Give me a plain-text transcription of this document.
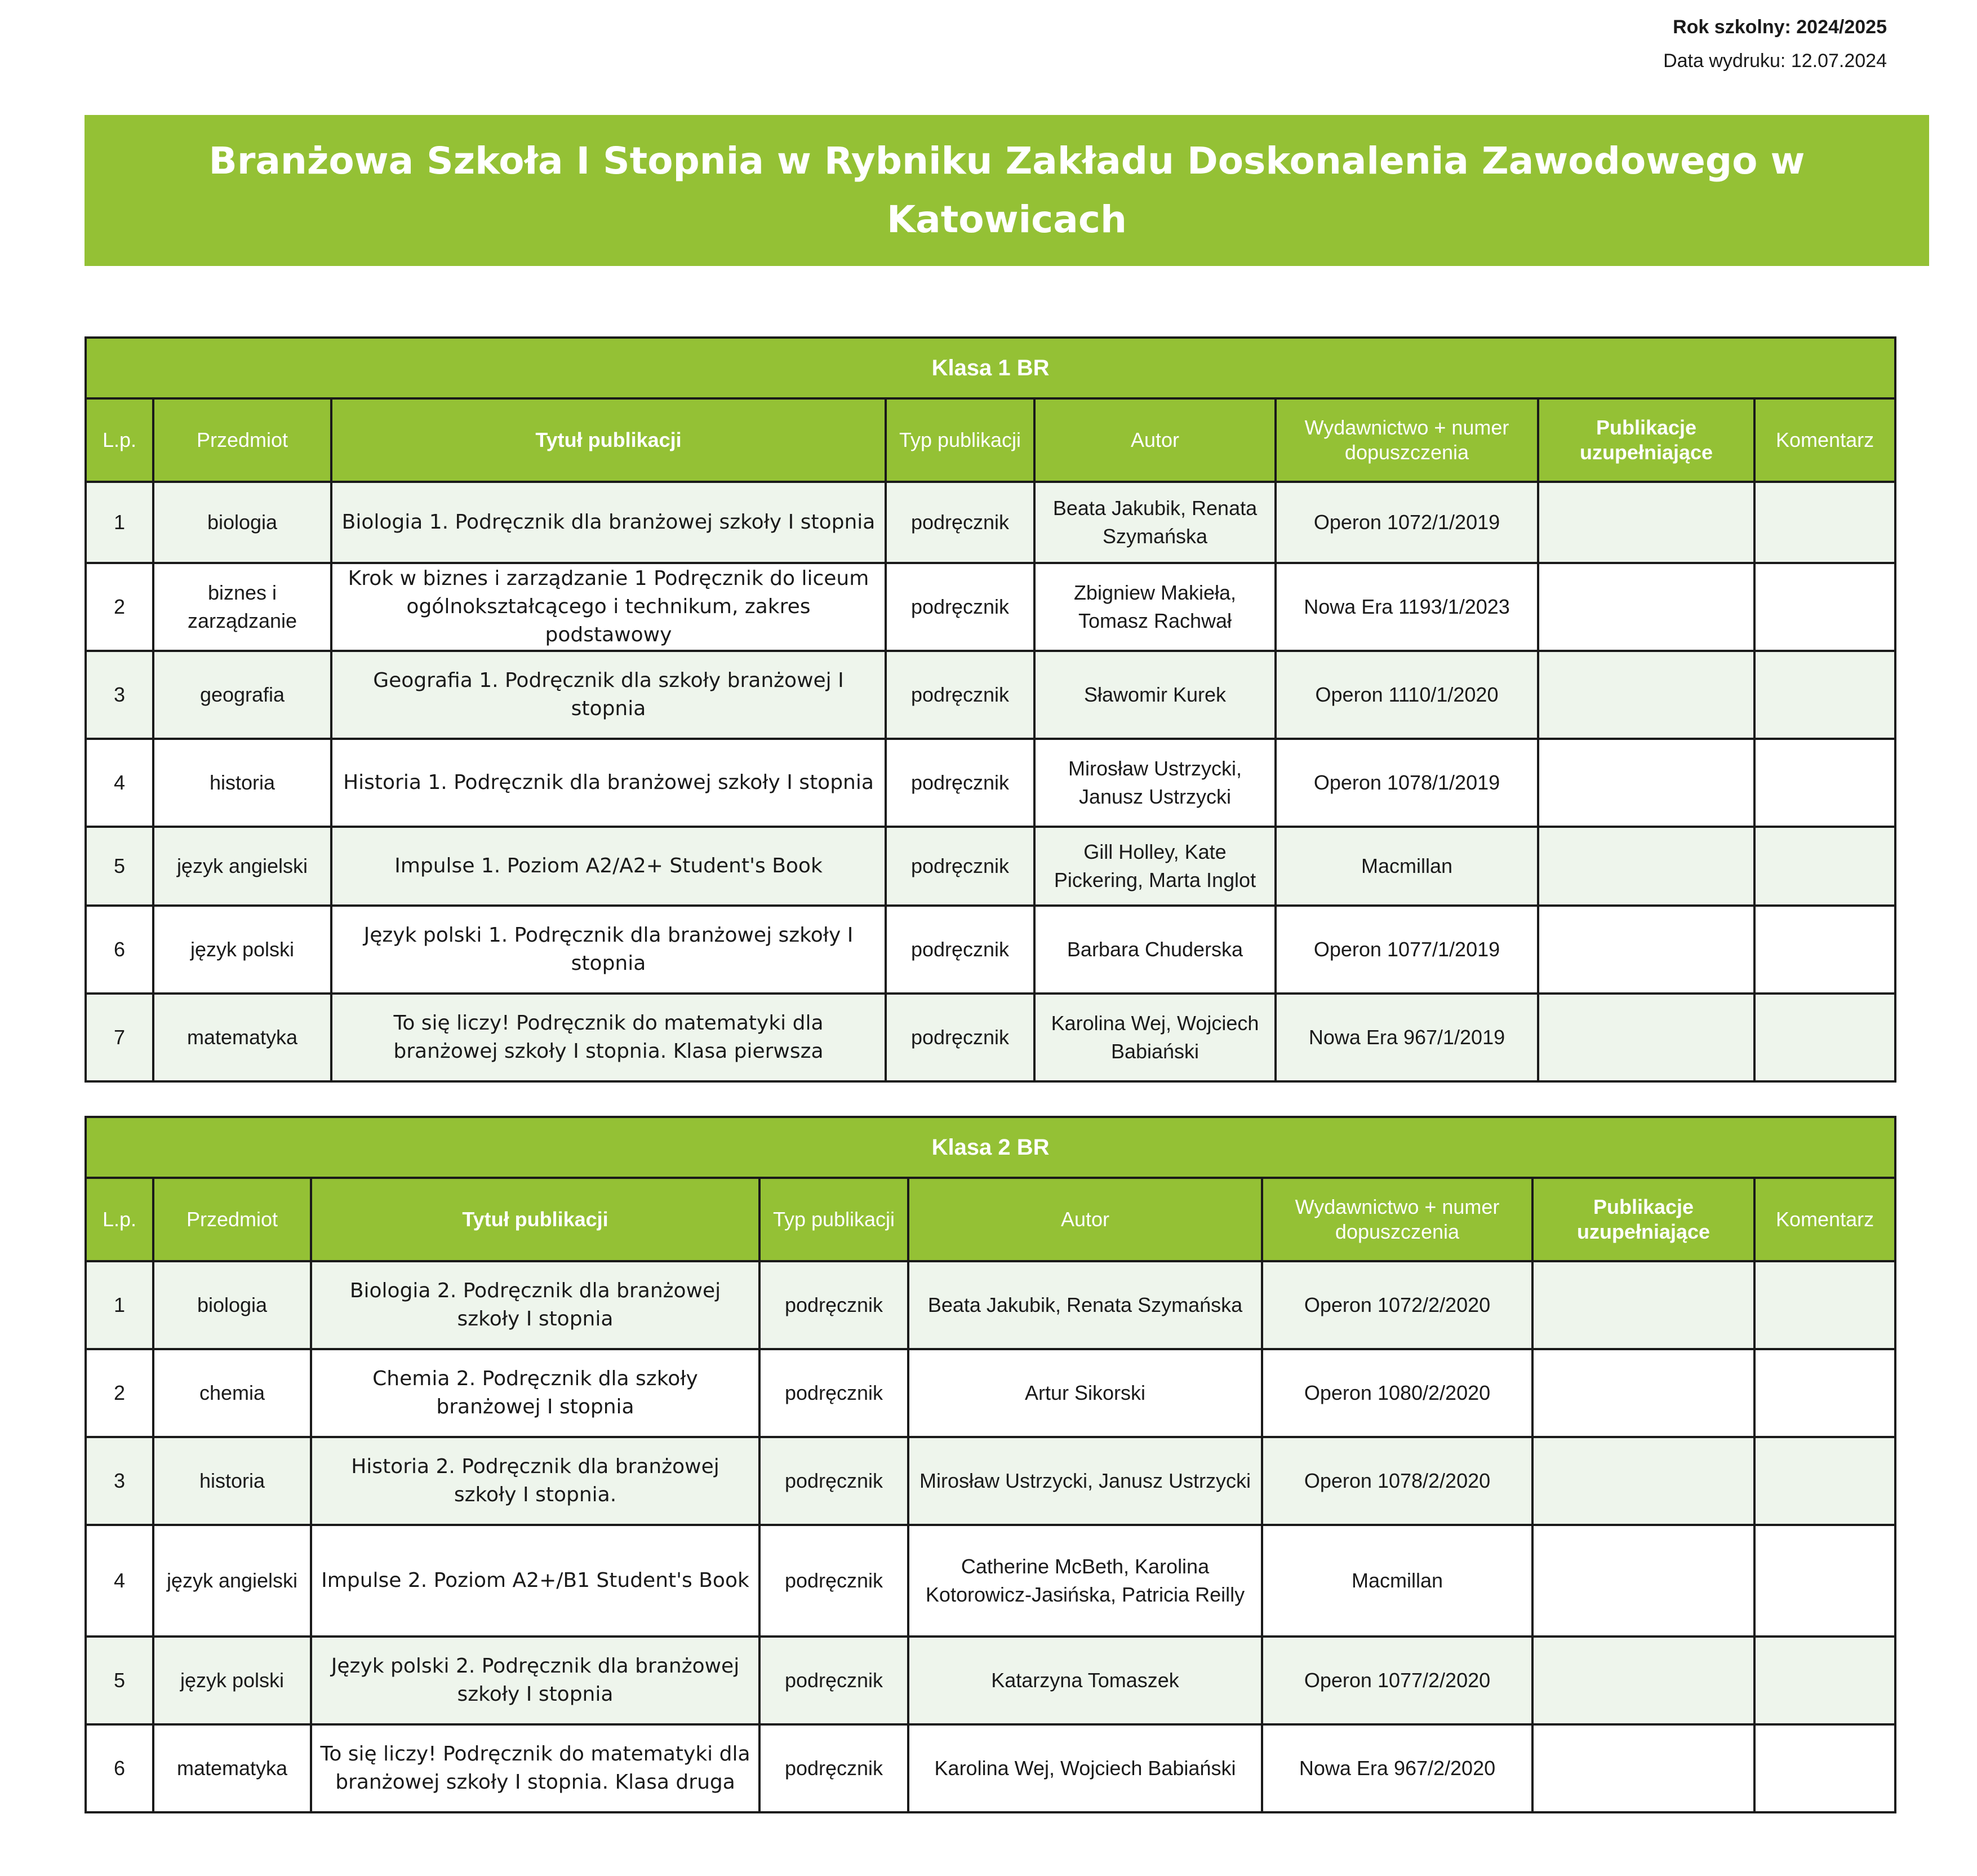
Rok szkolny: 2024/2025
Data wydruku: 12.07.2024
Branżowa Szkoła I Stopnia w Rybniku Zakładu Doskonalenia Zawodowego w Katowicach
Klasa 1 BR							
L.p.	Przedmiot	Tytuł publikacji	Typ publikacji	Autor	Wydawnictwo + numer dopuszczenia	Publikacje uzupełniające	Komentarz
1	biologia	Biologia 1. Podręcznik dla branżowej szkoły I stopnia	podręcznik	Beata Jakubik, Renata Szymańska	Operon 1072/1/2019		
2	biznes i zarządzanie	Krok w biznes i zarządzanie 1 Podręcznik do liceum ogólnokształcącego i technikum, zakres podstawowy	podręcznik	Zbigniew Makieła, Tomasz Rachwał	Nowa Era 1193/1/2023		
3	geografia	Geografia 1. Podręcznik dla szkoły branżowej I stopnia	podręcznik	Sławomir Kurek	Operon 1110/1/2020		
4	historia	Historia 1. Podręcznik dla branżowej szkoły I stopnia	podręcznik	Mirosław Ustrzycki, Janusz Ustrzycki	Operon 1078/1/2019		
5	język angielski	Impulse 1. Poziom A2/A2+ Student's Book	podręcznik	Gill Holley, Kate Pickering, Marta Inglot	Macmillan		
6	język polski	Język polski 1. Podręcznik dla branżowej szkoły I stopnia	podręcznik	Barbara Chuderska	Operon 1077/1/2019		
7	matematyka	To się liczy! Podręcznik do matematyki dla branżowej szkoły I stopnia. Klasa pierwsza	podręcznik	Karolina Wej, Wojciech Babiański	Nowa Era 967/1/2019		
Klasa 2 BR							
L.p.	Przedmiot	Tytuł publikacji	Typ publikacji	Autor	Wydawnictwo + numer dopuszczenia	Publikacje uzupełniające	Komentarz
1	biologia	Biologia 2. Podręcznik dla branżowej szkoły I stopnia	podręcznik	Beata Jakubik, Renata Szymańska	Operon 1072/2/2020		
2	chemia	Chemia 2. Podręcznik dla szkoły branżowej I stopnia	podręcznik	Artur Sikorski	Operon 1080/2/2020		
3	historia	Historia 2. Podręcznik dla branżowej szkoły I stopnia.	podręcznik	Mirosław Ustrzycki, Janusz Ustrzycki	Operon 1078/2/2020		
4	język angielski	Impulse 2. Poziom A2+/B1 Student's Book	podręcznik	Catherine McBeth, Karolina Kotorowicz-Jasińska, Patricia Reilly	Macmillan		
5	język polski	Język polski 2. Podręcznik dla branżowej szkoły I stopnia	podręcznik	Katarzyna Tomaszek	Operon 1077/2/2020		
6	matematyka	To się liczy! Podręcznik do matematyki dla branżowej szkoły I stopnia. Klasa druga	podręcznik	Karolina Wej, Wojciech Babiański	Nowa Era 967/2/2020		
